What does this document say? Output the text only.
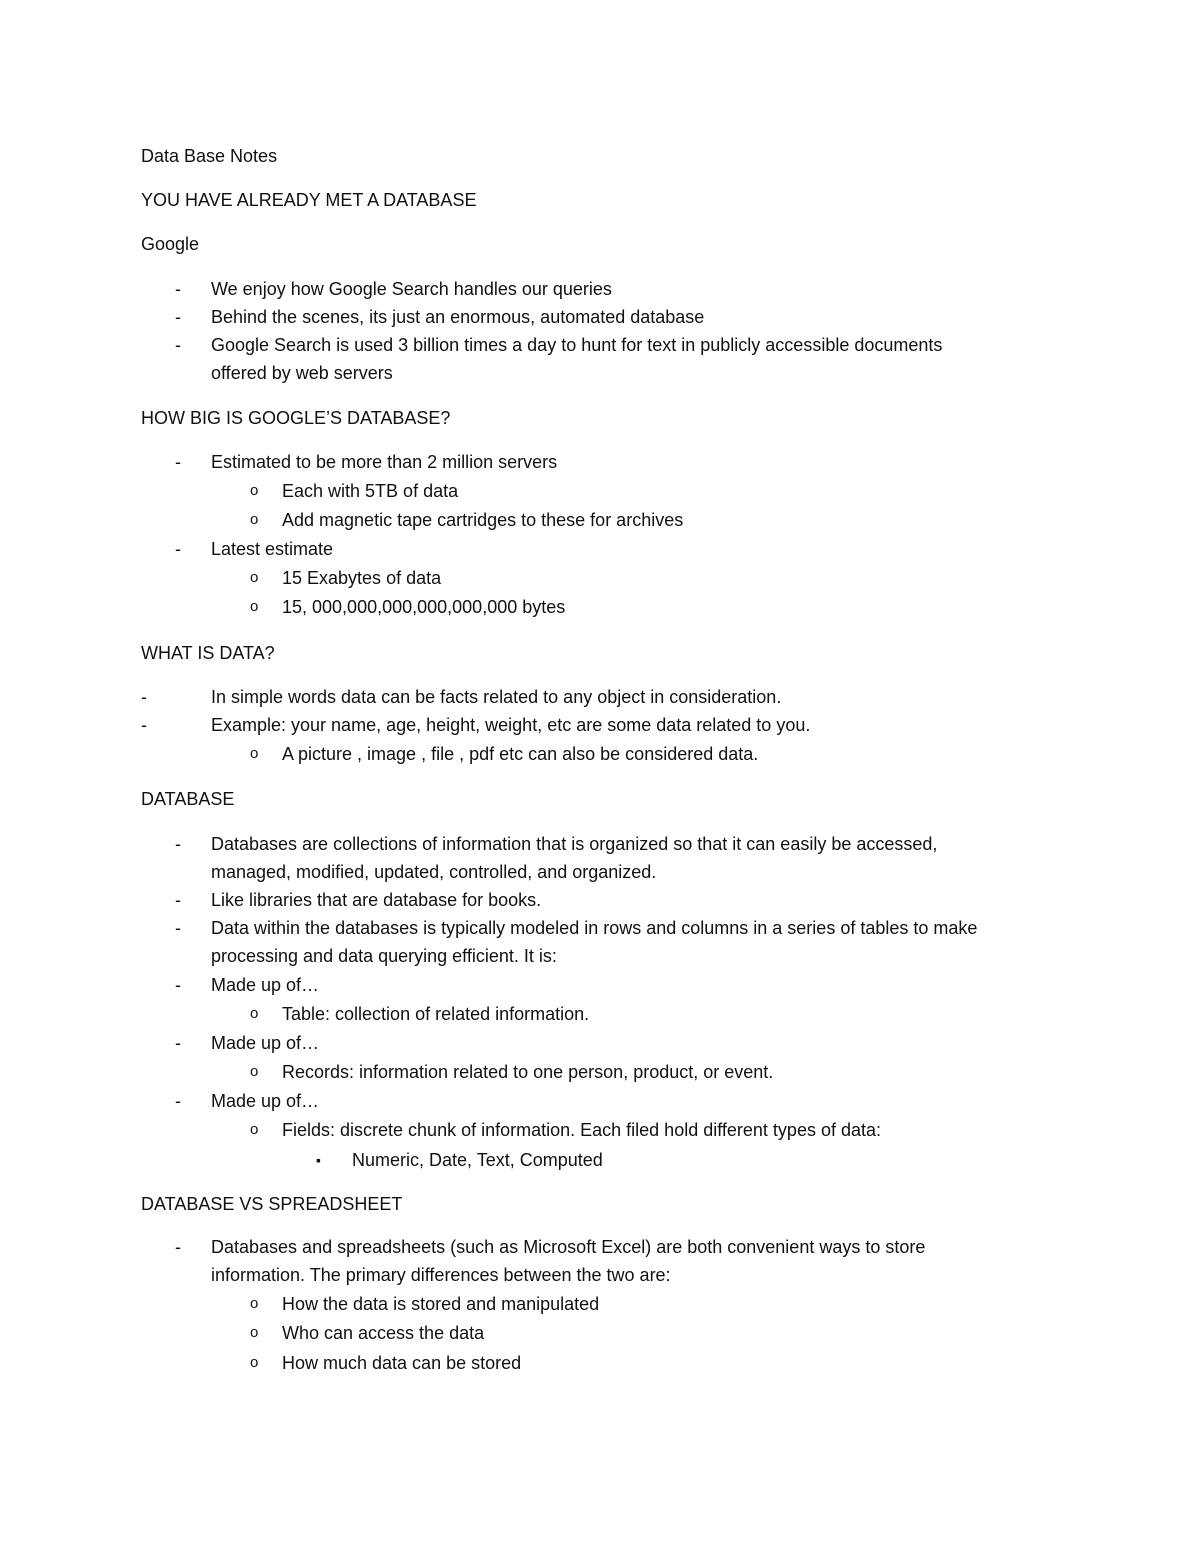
Data Base Notes
YOU HAVE ALREADY MET A DATABASE
Google
- We enjoy how Google Search handles our queries
- Behind the scenes, its just an enormous, automated database
- Google Search is used 3 billion times a day to hunt for text in publicly accessible documents
offered by web servers
HOW BIG IS GOOGLE’S DATABASE?
- Estimated to be more than 2 million servers
o Each with 5TB of data
o Add magnetic tape cartridges to these for archives
- Latest estimate
o 15 Exabytes of data
o 15, 000,000,000,000,000,000 bytes
WHAT IS DATA?
-	In simple words data can be facts related to any object in consideration.
-	Example: your name, age, height, weight, etc are some data related to you.
o A picture , image , file , pdf etc can also be considered data.
DATABASE
- Databases are collections of information that is organized so that it can easily be accessed,
managed, modified, updated, controlled, and organized.
- Like libraries that are database for books.
- Data within the databases is typically modeled in rows and columns in a series of tables to make
processing and data querying efficient. It is:
- Made up of…
o Table: collection of related information.
- Made up of…
o Records: information related to one person, product, or event.
- Made up of…
o Fields: discrete chunk of information. Each filed hold different types of data:
▪ Numeric, Date, Text, Computed
DATABASE VS SPREADSHEET
- Databases and spreadsheets (such as Microsoft Excel) are both convenient ways to store
information. The primary differences between the two are:
o How the data is stored and manipulated
o Who can access the data
o How much data can be stored
